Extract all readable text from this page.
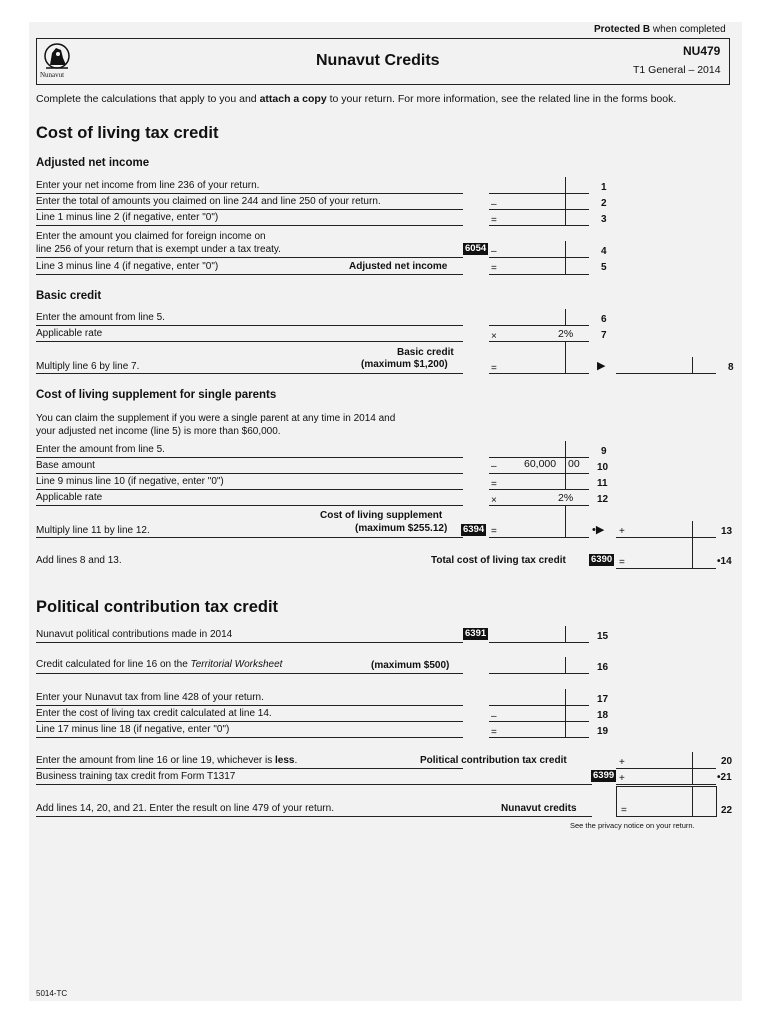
Protected B when completed
Nunavut
Nunavut Credits
NU479
T1 General – 2014
Complete the calculations that apply to you and attach a copy to your return. For more information, see the related line in the forms book.
Cost of living tax credit
Adjusted net income
Enter your net income from line 236 of your return.	1
Enter the total of amounts you claimed on line 244 and line 250 of your return.	–	2
Line 1 minus line 2 (if negative, enter "0")	=	3
Enter the amount you claimed for foreign income on
line 256 of your return that is exempt under a tax treaty.	6054 –	4
Line 3 minus line 4 (if negative, enter "0")	Adjusted net income	=	5
Basic credit
Enter the amount from line 5.	6
Applicable rate	×	2%	7
Basic credit
(maximum $1,200)
Multiply line 6 by line 7.	=	▶	8
Cost of living supplement for single parents
You can claim the supplement if you were a single parent at any time in 2014 and
your adjusted net income (line 5) is more than $60,000.
Enter the amount from line 5.	9
Base amount	–	60,000 00 10
Line 9 minus line 10 (if negative, enter "0")	=	11
Applicable rate	×	2% 12
Cost of living supplement
(maximum $255.12) 6394
Multiply line 11 by line 12.	=	•▶ +	13
Add lines 8 and 13.	Total cost of living tax credit	6390 =	•14
Political contribution tax credit
Nunavut political contributions made in 2014	6391	15
Credit calculated for line 16 on the Territorial Worksheet	(maximum $500)	16
Enter your Nunavut tax from line 428 of your return.	17
Enter the cost of living tax credit calculated at line 14.	–	18
Line 17 minus line 18 (if negative, enter "0")	=	19
Enter the amount from line 16 or line 19, whichever is less.	Political contribution tax credit	+	20
Business training tax credit from Form T1317	6399 +	•21
Add lines 14, 20, and 21. Enter the result on line 479 of your return.	Nunavut credits	=	22
See the privacy notice on your return.
5014-TC
